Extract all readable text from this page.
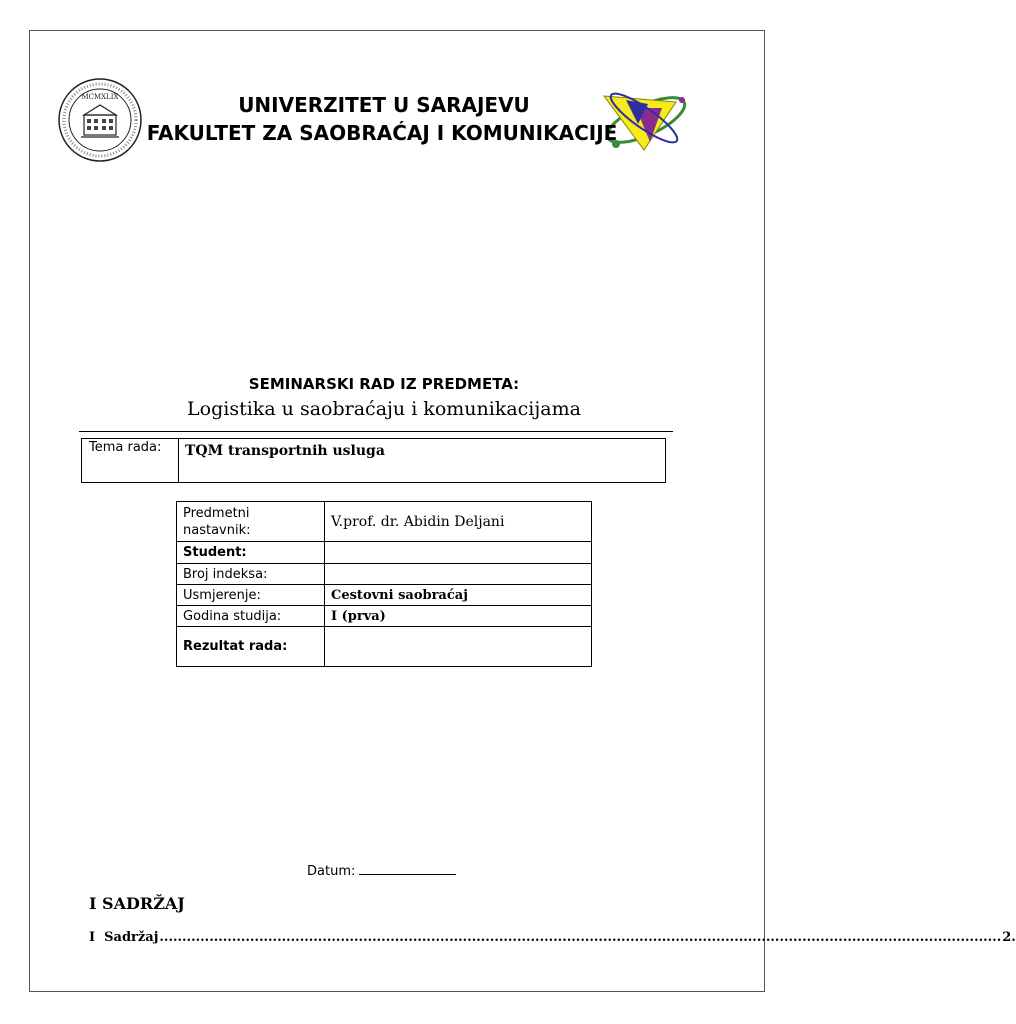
MCMXLIX	UNIVERZITET U SARAJEVU
FAKULTET ZA SAOBRAĆAJ I KOMUNIKACIJE
SEMINARSKI RAD IZ PREDMETA:
Logistika u saobraćaju i komunikacijama
Tema rada:	TQM transportnih usluga
Predmetni nastavnik:	V.prof. dr. Abidin Deljani
Student:	
Broj indeksa:	
Usmjerenje:	Cestovni saobraćaj
Godina studija:	I (prva)
Rezultat rada:	
Datum:
I SADRŽAJ
I  Sadržaj .......................................................................................................................................................................................... 2.
